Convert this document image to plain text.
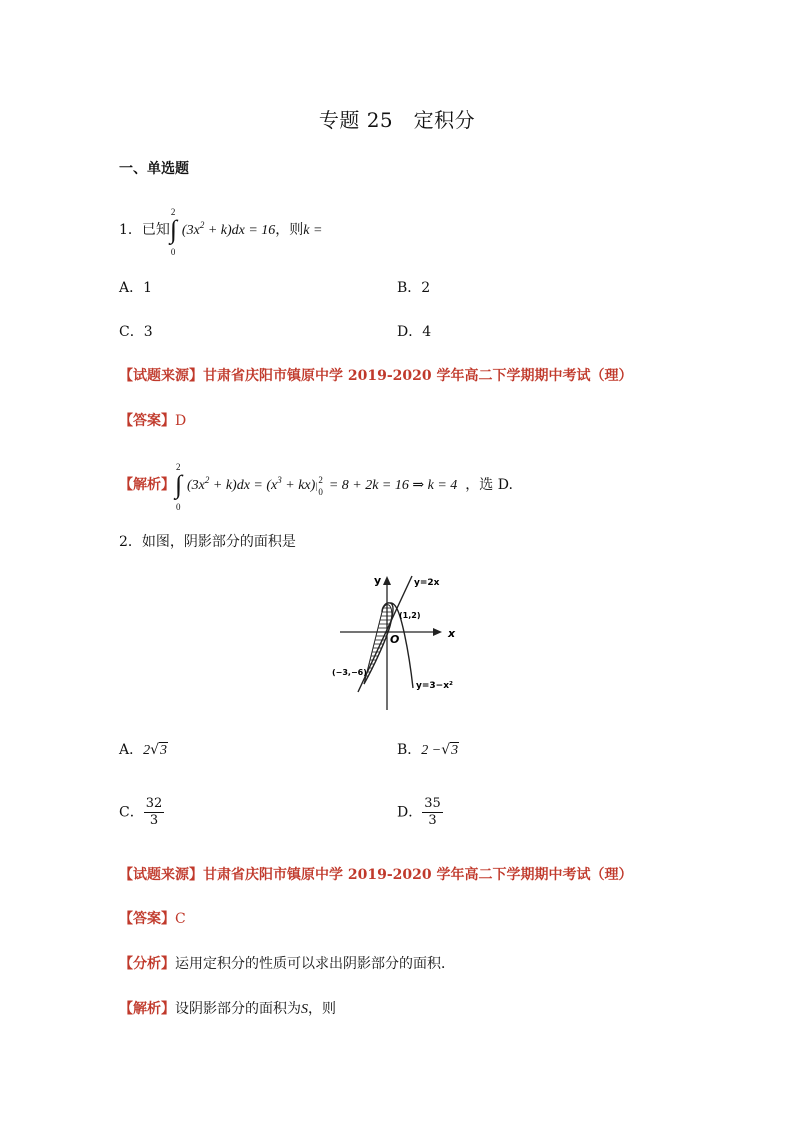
专题 25　定积分
一、单选题
1．已知
2
∫
0
$(3x^2 + k)dx = 16$，则k =
A．1	B．2
C．3	D．4
【试题来源】甘肃省庆阳市镇原中学 2019-2020 学年高二下学期期中考试（理）
【答案】D
【解析】
2
∫
0
$(3x^2 + k)dx = (x^3 + kx)|$
2
0 = 8 + 2k = 16 ⇒ k = 4 ，选 D.
2．如图，阴影部分的面积是
y
x
O
y=2x
(1,2)
(−3,−6)
y=3−x²
A．2√3	B．2 −√3
C． $\frac{32}{3}$	D． $\frac{35}{3}$
【试题来源】甘肃省庆阳市镇原中学 2019-2020 学年高二下学期期中考试（理）
【答案】C
【分析】运用定积分的性质可以求出阴影部分的面积．
【解析】设阴影部分的面积为S，则
